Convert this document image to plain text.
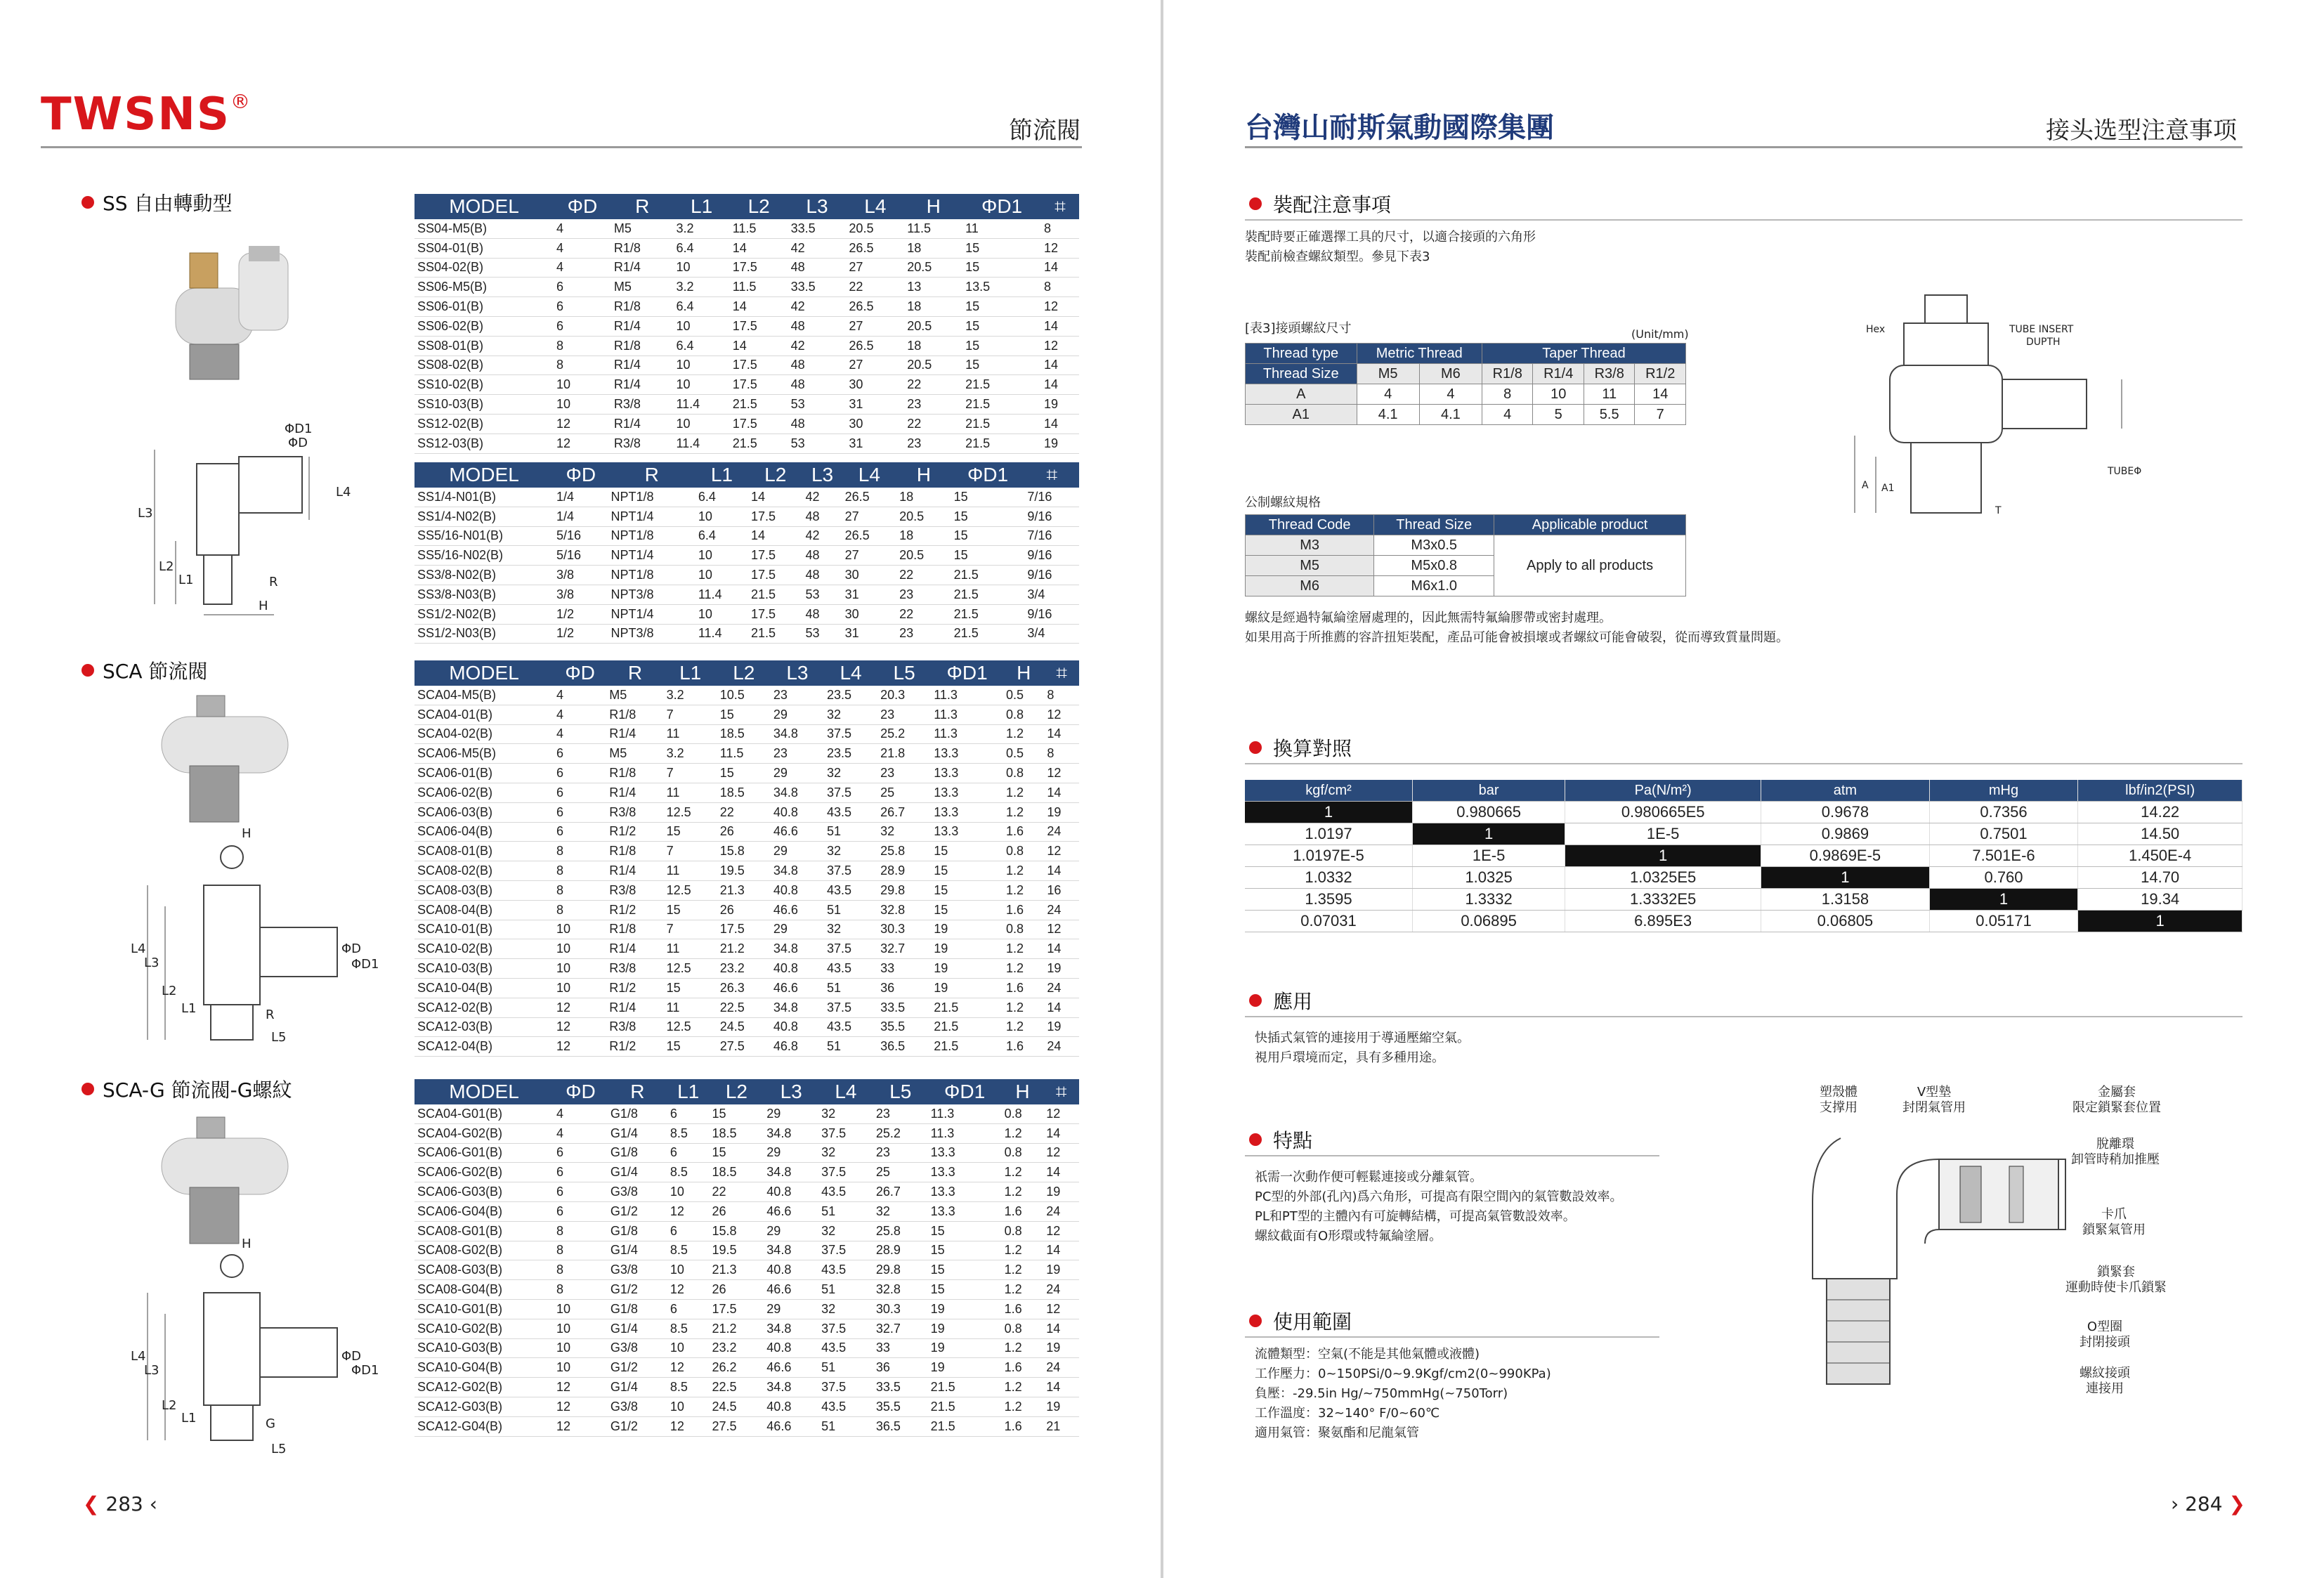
TWSNS®
節流閥
SS 自由轉動型
SCA 節流閥
SCA-G 節流閥-G螺紋
ΦD1
ΦD
L3
L4
L2
L1	R
H
H
L4
L3
L2
L1	R
L5
ΦD
ΦD1
H
L4
L3
L2
L1	G
L5
ΦD
ΦD1
MODEL	ΦD	R	L1	L2	L3	L4	H	ΦD1	⌗
SS04-M5(B)	4	M5	3.2	11.5	33.5	20.5	11.5	11	8
SS04-01(B)	4	R1/8	6.4	14	42	26.5	18	15	12
SS04-02(B)	4	R1/4	10	17.5	48	27	20.5	15	14
SS06-M5(B)	6	M5	3.2	11.5	33.5	22	13	13.5	8
SS06-01(B)	6	R1/8	6.4	14	42	26.5	18	15	12
SS06-02(B)	6	R1/4	10	17.5	48	27	20.5	15	14
SS08-01(B)	8	R1/8	6.4	14	42	26.5	18	15	12
SS08-02(B)	8	R1/4	10	17.5	48	27	20.5	15	14
SS10-02(B)	10	R1/4	10	17.5	48	30	22	21.5	14
SS10-03(B)	10	R3/8	11.4	21.5	53	31	23	21.5	19
SS12-02(B)	12	R1/4	10	17.5	48	30	22	21.5	14
SS12-03(B)	12	R3/8	11.4	21.5	53	31	23	21.5	19
MODEL	ΦD	R	L1	L2	L3	L4	H	ΦD1	⌗
SS1/4-N01(B)	1/4	NPT1/8	6.4	14	42	26.5	18	15	7/16
SS1/4-N02(B)	1/4	NPT1/4	10	17.5	48	27	20.5	15	9/16
SS5/16-N01(B)	5/16	NPT1/8	6.4	14	42	26.5	18	15	7/16
SS5/16-N02(B)	5/16	NPT1/4	10	17.5	48	27	20.5	15	9/16
SS3/8-N02(B)	3/8	NPT1/8	10	17.5	48	30	22	21.5	9/16
SS3/8-N03(B)	3/8	NPT3/8	11.4	21.5	53	31	23	21.5	3/4
SS1/2-N02(B)	1/2	NPT1/4	10	17.5	48	30	22	21.5	9/16
SS1/2-N03(B)	1/2	NPT3/8	11.4	21.5	53	31	23	21.5	3/4
MODEL	ΦD	R	L1	L2	L3	L4	L5	ΦD1	H	⌗
SCA04-M5(B)	4	M5	3.2	10.5	23	23.5	20.3	11.3	0.5	8
SCA04-01(B)	4	R1/8	7	15	29	32	23	11.3	0.8	12
SCA04-02(B)	4	R1/4	11	18.5	34.8	37.5	25.2	11.3	1.2	14
SCA06-M5(B)	6	M5	3.2	11.5	23	23.5	21.8	13.3	0.5	8
SCA06-01(B)	6	R1/8	7	15	29	32	23	13.3	0.8	12
SCA06-02(B)	6	R1/4	11	18.5	34.8	37.5	25	13.3	1.2	14
SCA06-03(B)	6	R3/8	12.5	22	40.8	43.5	26.7	13.3	1.2	19
SCA06-04(B)	6	R1/2	15	26	46.6	51	32	13.3	1.6	24
SCA08-01(B)	8	R1/8	7	15.8	29	32	25.8	15	0.8	12
SCA08-02(B)	8	R1/4	11	19.5	34.8	37.5	28.9	15	1.2	14
SCA08-03(B)	8	R3/8	12.5	21.3	40.8	43.5	29.8	15	1.2	16
SCA08-04(B)	8	R1/2	15	26	46.6	51	32.8	15	1.6	24
SCA10-01(B)	10	R1/8	7	17.5	29	32	30.3	19	0.8	12
SCA10-02(B)	10	R1/4	11	21.2	34.8	37.5	32.7	19	1.2	14
SCA10-03(B)	10	R3/8	12.5	23.2	40.8	43.5	33	19	1.2	19
SCA10-04(B)	10	R1/2	15	26.3	46.6	51	36	19	1.6	24
SCA12-02(B)	12	R1/4	11	22.5	34.8	37.5	33.5	21.5	1.2	14
SCA12-03(B)	12	R3/8	12.5	24.5	40.8	43.5	35.5	21.5	1.2	19
SCA12-04(B)	12	R1/2	15	27.5	46.8	51	36.5	21.5	1.6	24
MODEL	ΦD	R	L1	L2	L3	L4	L5	ΦD1	H	⌗
SCA04-G01(B)	4	G1/8	6	15	29	32	23	11.3	0.8	12
SCA04-G02(B)	4	G1/4	8.5	18.5	34.8	37.5	25.2	11.3	1.2	14
SCA06-G01(B)	6	G1/8	6	15	29	32	23	13.3	0.8	12
SCA06-G02(B)	6	G1/4	8.5	18.5	34.8	37.5	25	13.3	1.2	14
SCA06-G03(B)	6	G3/8	10	22	40.8	43.5	26.7	13.3	1.2	19
SCA06-G04(B)	6	G1/2	12	26	46.6	51	32	13.3	1.6	24
SCA08-G01(B)	8	G1/8	6	15.8	29	32	25.8	15	0.8	12
SCA08-G02(B)	8	G1/4	8.5	19.5	34.8	37.5	28.9	15	1.2	14
SCA08-G03(B)	8	G3/8	10	21.3	40.8	43.5	29.8	15	1.2	19
SCA08-G04(B)	8	G1/2	12	26	46.6	51	32.8	15	1.2	24
SCA10-G01(B)	10	G1/8	6	17.5	29	32	30.3	19	1.6	12
SCA10-G02(B)	10	G1/4	8.5	21.2	34.8	37.5	32.7	19	0.8	14
SCA10-G03(B)	10	G3/8	10	23.2	40.8	43.5	33	19	1.2	19
SCA10-G04(B)	10	G1/2	12	26.2	46.6	51	36	19	1.6	24
SCA12-G02(B)	12	G1/4	8.5	22.5	34.8	37.5	33.5	21.5	1.2	14
SCA12-G03(B)	12	G3/8	10	24.5	40.8	43.5	35.5	21.5	1.2	19
SCA12-G04(B)	12	G1/2	12	27.5	46.6	51	36.5	21.5	1.6	21
❮ 283 ‹
台灣山耐斯氣動國際集團	接头选型注意事项
裝配注意事項
裝配時要正確選擇工具的尺寸，以適合接頭的六角形
裝配前檢查螺紋類型。參見下表3
[表3]接頭螺紋尺寸	(Unit/mm)
Thread type	Metric Thread		Taper Thread			
Thread Size	M5	M6	R1/8	R1/4	R3/8	R1/2
A	4	4	8	10	11	14
A1	4.1	4.1	4	5	5.5	7
公制螺紋規格
Thread Code	Thread Size	Applicable product
M3	M3x0.5	Apply to all products
M5	M5x0.8	
M6	M6x1.0	
螺紋是經過特氟綸塗層處理的，因此無需特氟綸膠帶或密封處理。
如果用高于所推薦的容許扭矩裝配，產品可能會被損壞或者螺紋可能會破裂，從而導致質量問題。
Hex	TUBE INSERT
DUPTH
A A1
T
TUBEΦ
換算對照
kgf/cm²	bar	Pa(N/m²)	atm	mHg	lbf/in2(PSI)
1	0.980665	0.980665E5	0.9678	0.7356	14.22
1.0197	1	1E-5	0.9869	0.7501	14.50
1.0197E-5	1E-5	1	0.9869E-5	7.501E-6	1.450E-4
1.0332	1.0325	1.0325E5	1	0.760	14.70
1.3595	1.3332	1.3332E5	1.3158	1	19.34
0.07031	0.06895	6.895E3	0.06805	0.05171	1
應用
快插式氣管的連接用于導通壓縮空氣。
視用戶環境而定，具有多種用途。
特點
祇需一次動作便可輕鬆連接或分離氣管。
PC型的外部(孔內)爲六角形，可提高有限空間內的氣管數設效率。
PL和PT型的主體內有可旋轉結構，可提高氣管數設效率。
螺紋截面有O形環或特氟綸塗層。
使用範圍
流體類型：空氣(不能是其他氣體或液體)
工作壓力：0~150PSi/0~9.9Kgf/cm2(0~990KPa)
負壓：-29.5in Hg/~750mmHg(~750Torr)
工作溫度：32~140° F/0~60℃
適用氣管：聚氨酯和尼龍氣管
塑殼體
支撑用
V型墊
封閉氣管用
金屬套
限定鎖緊套位置
脫離環
卸管時稍加推壓
卡爪
鎖緊氣管用
鎖緊套
運動時使卡爪鎖緊
O型圈
封閉接頭
螺紋接頭
連接用
› 284 ❯
